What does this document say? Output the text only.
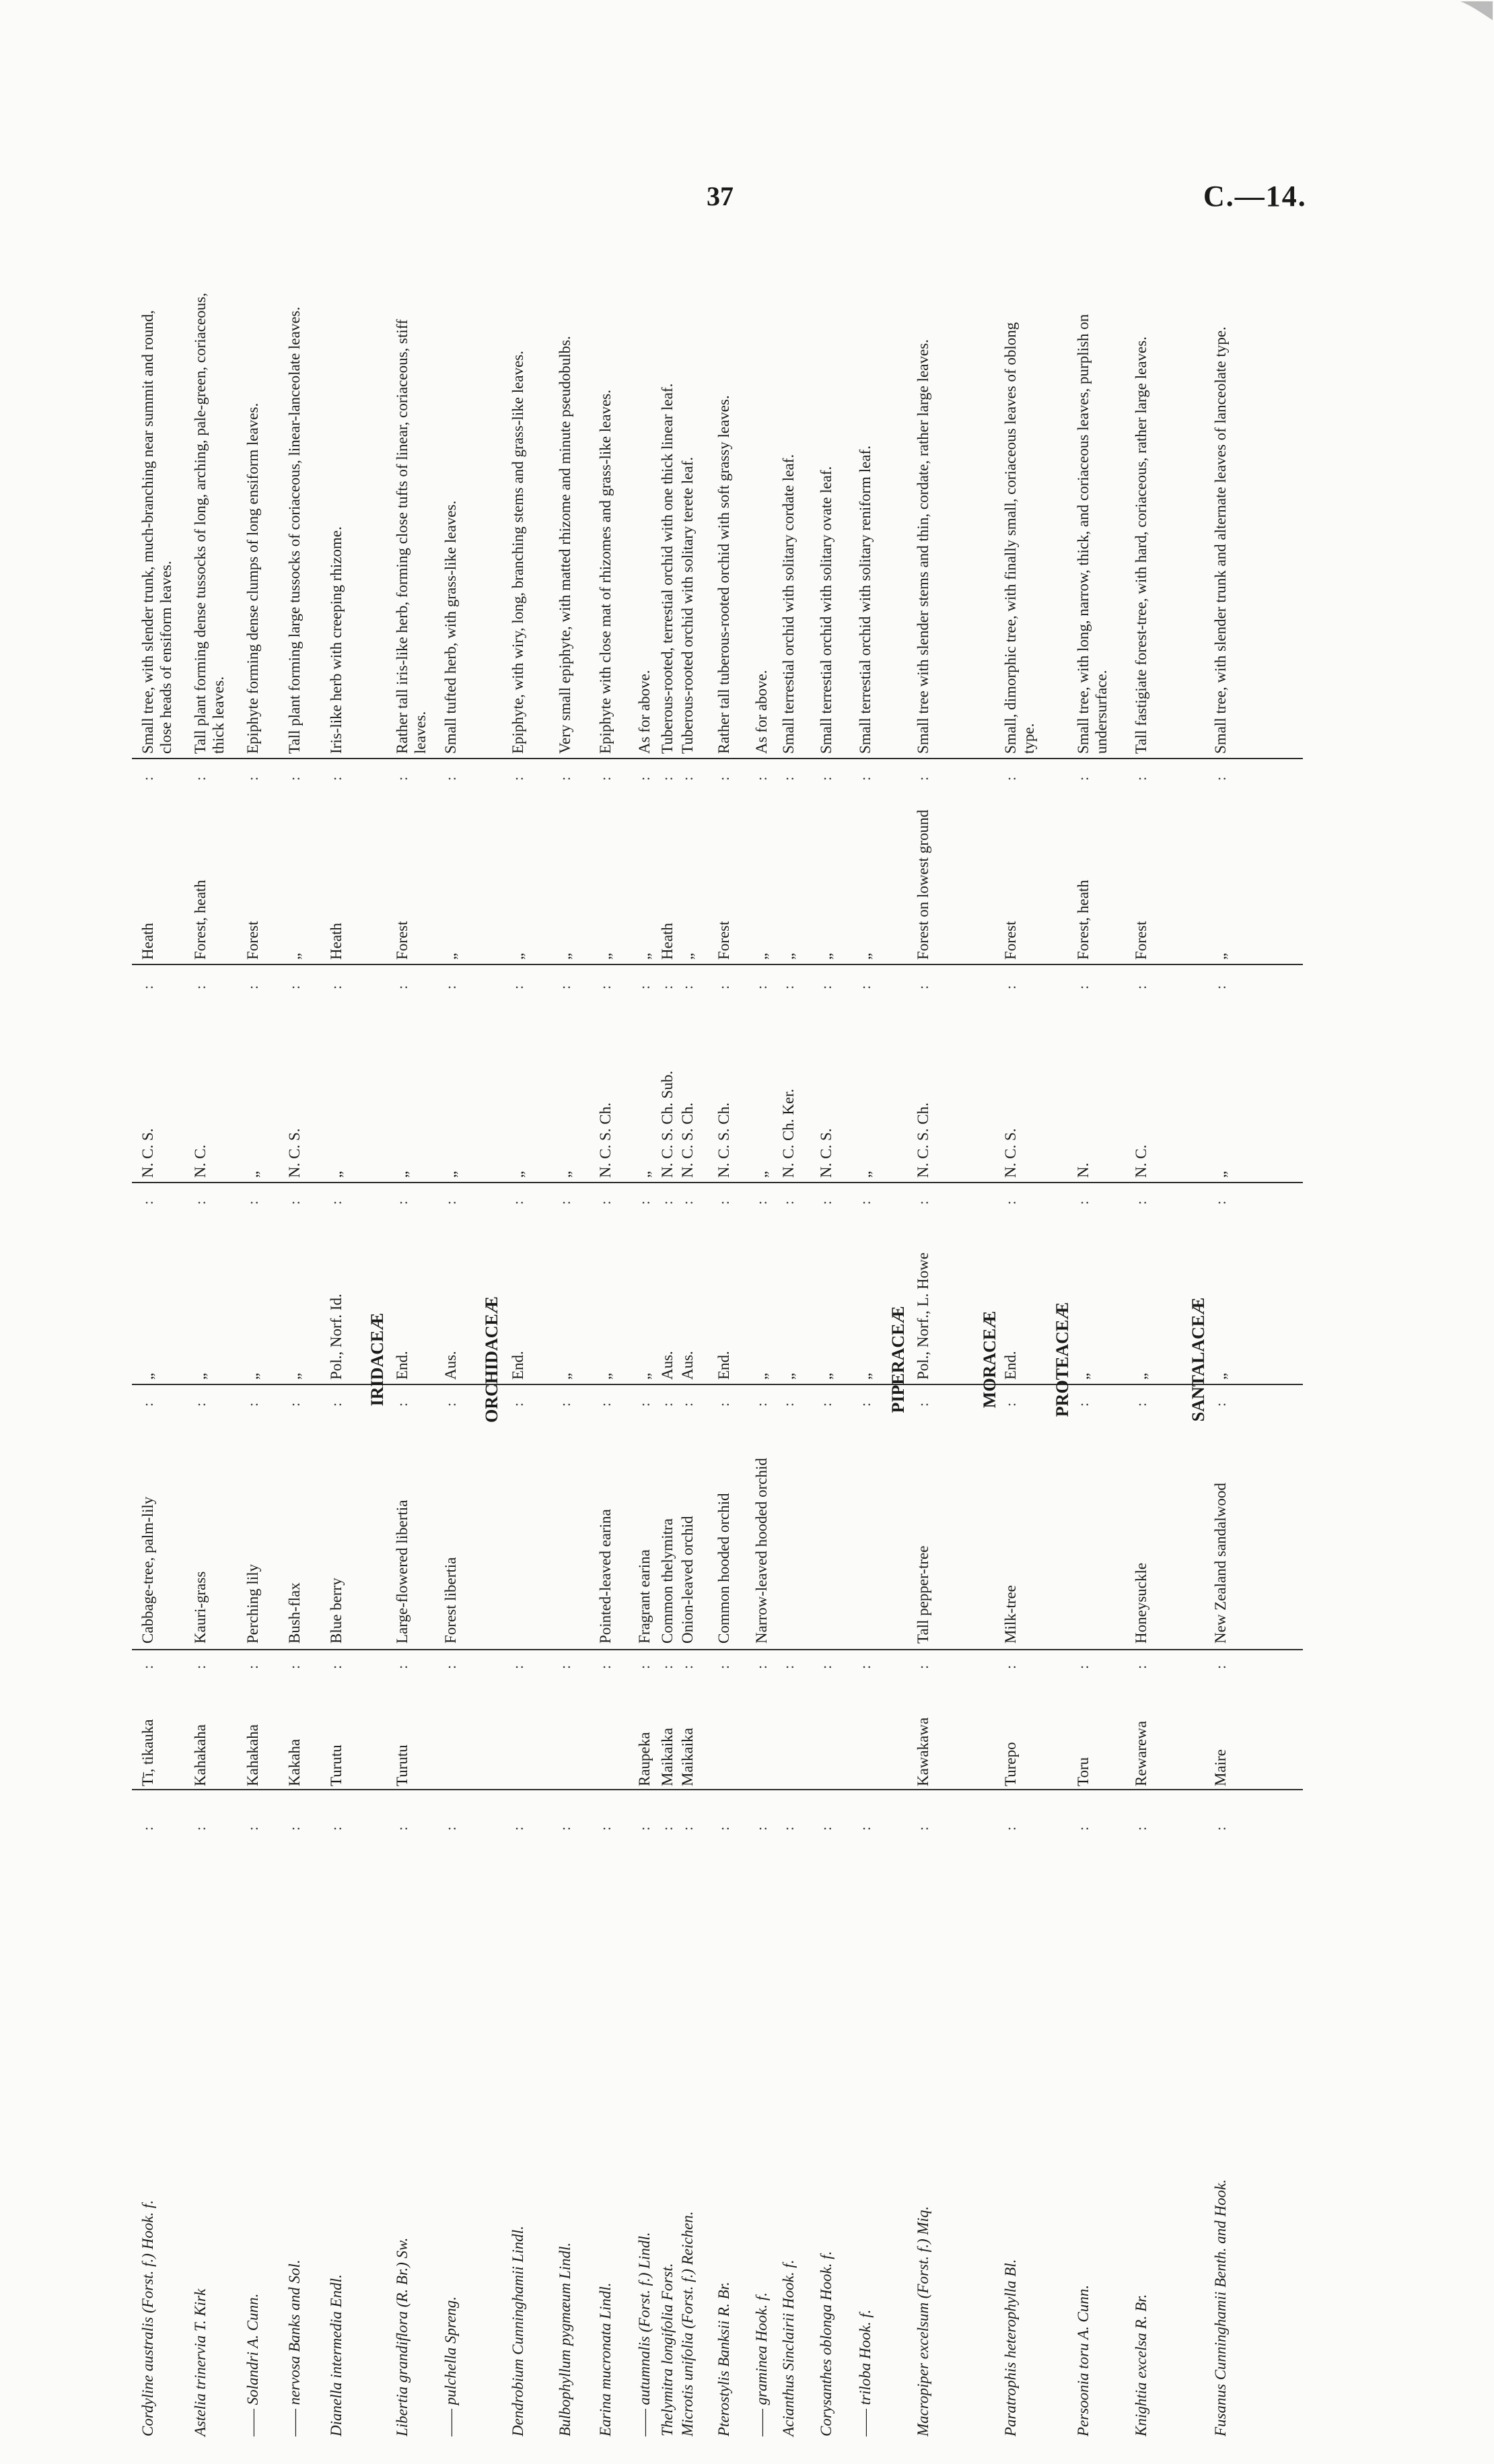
37	C.—14.
Cordyline australis (Forst. f.) Hook. f.
Tī, tikauka
Cabbage-tree, palm-lily
„
N. C. S.
Heath
Small tree, with slender trunk, much-branching near summit and round, close heads of ensiform leaves.
:
:
:
:
:
:
Astelia trinervia T. Kirk
Kahakaha
Kauri-grass
„
N. C.
Forest, heath
Tall plant forming dense tussocks of long, arching, pale-green, coriaceous, thick leaves.
:
:
:
:
:
:
—— Solandri A. Cunn.
Kahakaha
Perching lily
„
„
Forest
Epiphyte forming dense clumps of long ensiform leaves.
:
:
:
:
:
:
—— nervosa Banks and Sol.
Kakaha
Bush-flax
„
N. C. S.
„
Tall plant forming large tussocks of coriaceous, linear-lanceolate leaves.
:
:
:
:
:
:
Dianella intermedia Endl.
Turutu
Blue berry
Pol., Norf. Id.
„
Heath
Iris-like herb with creeping rhizome.
:
:
:
:
:
:
IRIDACEÆ
Libertia grandiflora (R. Br.) Sw.
Turutu
Large-flowered libertia
End.
„
Forest
Rather tall iris-like herb, forming close tufts of linear, coriaceous, stiff leaves.
:
:
:
:
:
:
—— pulchella Spreng.
Forest libertia
Aus.
„
„
Small tufted herb, with grass-like leaves.
:
:
:
:
:
:
ORCHIDACEÆ
Dendrobium Cunninghamii Lindl.
End.
„
„
Epiphyte, with wiry, long, branching stems and grass-like leaves.
:
:
:
:
:
:
Bulbophyllum pygmæum Lindl.
„
„
„
Very small epiphyte, with matted rhizome and minute pseudobulbs.
:
:
:
:
:
:
Earina mucronata Lindl.
Pointed-leaved earina
„
N. C. S. Ch.
„
Epiphyte with close mat of rhizomes and grass-like leaves.
:
:
:
:
:
:
—— autumnalis (Forst. f.) Lindl.
Raupeka
Fragrant earina
„
„
„
As for above.
:
:
:
:
:
:
Thelymitra longifolia Forst.
Maikaika
Common thelymitra
Aus.
N. C. S. Ch. Sub.
Heath
Tuberous-rooted, terrestial orchid with one thick linear leaf.
:
:
:
:
:
:
Microtis unifolia (Forst. f.) Reichen.
Maikaika
Onion-leaved orchid
Aus.
N. C. S. Ch.
„
Tuberous-rooted orchid with solitary terete leaf.
:
:
:
:
:
:
Pterostylis Banksii R. Br.
Common hooded orchid
End.
N. C. S. Ch.
Forest
Rather tall tuberous-rooted orchid with soft grassy leaves.
:
:
:
:
:
:
—— graminea Hook. f.
Narrow-leaved hooded orchid
„
„
„
As for above.
:
:
:
:
:
:
Acianthus Sinclairii Hook. f.
„
N. C. Ch. Ker.
„
Small terrestial orchid with solitary cordate leaf.
:
:
:
:
:
:
Corysanthes oblonga Hook. f.
„
N. C. S.
„
Small terrestial orchid with solitary ovate leaf.
:
:
:
:
:
:
—— triloba Hook. f.
„
„
„
Small terrestial orchid with solitary reniform leaf.
:
:
:
:
:
:
PIPERACEÆ
Macropiper excelsum (Forst. f.) Miq.
Kawakawa
Tall pepper-tree
Pol., Norf., L. Howe
N. C. S. Ch.
Forest on lowest ground
Small tree with slender stems and thin, cordate, rather large leaves.
:
:
:
:
:
:
MORACEÆ
Paratrophis heterophylla Bl.
Turepo
Milk-tree
End.
N. C. S.
Forest
Small, dimorphic tree, with finally small, coriaceous leaves of oblong type.
:
:
:
:
:
:
PROTEACEÆ
Persoonia toru A. Cunn.
Toru
„
N.
Forest, heath
Small tree, with long, narrow, thick, and coriaceous leaves, purplish on undersurface.
:
:
:
:
:
:
Knightia excelsa R. Br.
Rewarewa
Honeysuckle
„
N. C.
Forest
Tall fastigiate forest-tree, with hard, coriaceous, rather large leaves.
:
:
:
:
:
:
SANTALACEÆ
Fusanus Cunninghamii Benth. and Hook.
Maire
New Zealand sandalwood
„
„
„
Small tree, with slender trunk and alternate leaves of lanceolate type.
:
:
:
:
:
:
